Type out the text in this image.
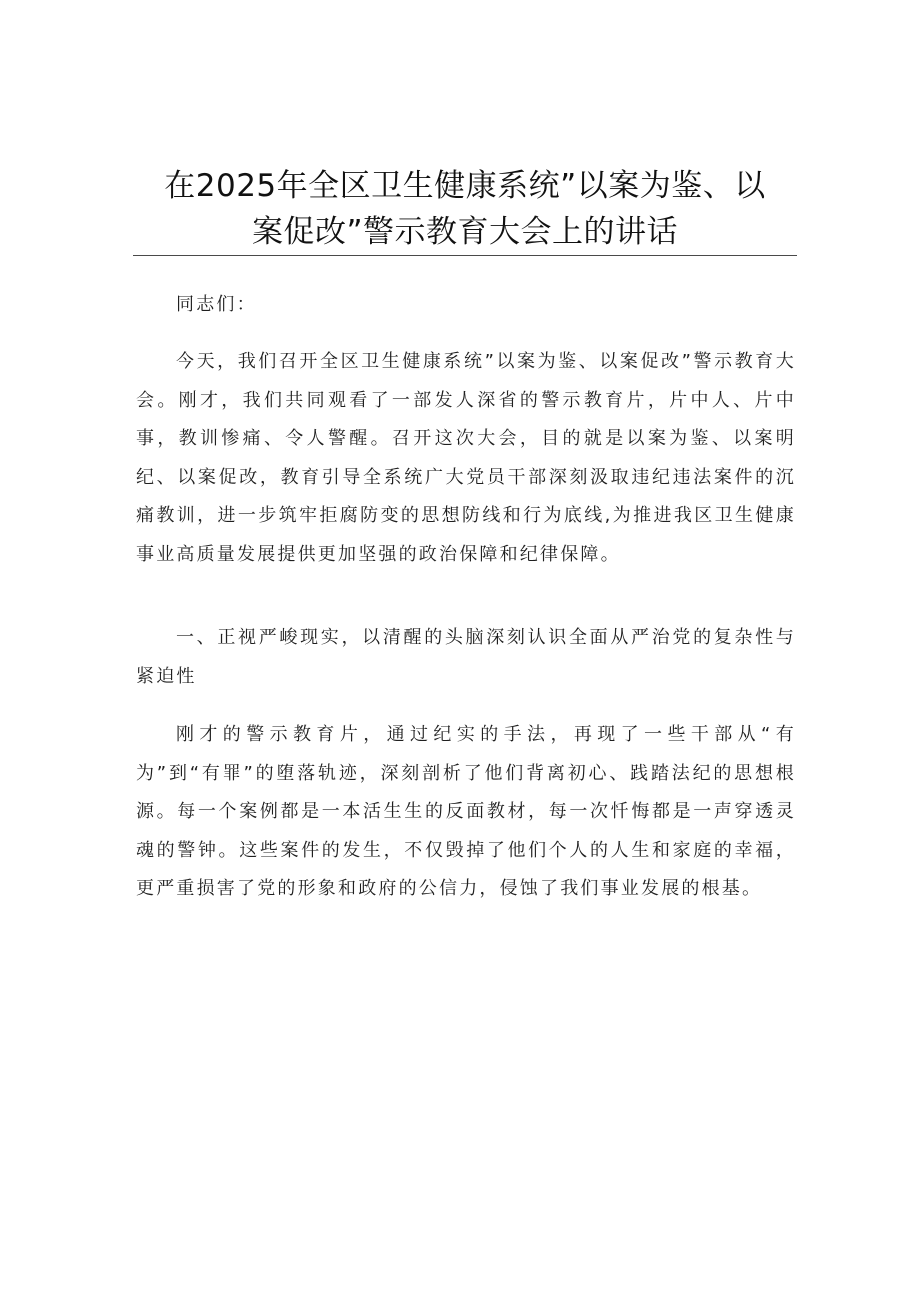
在2025年全区卫生健康系统”以案为鉴、以
案促改”警示教育大会上的讲话

同志们：

今天，我们召开全区卫生健康系统”以案为鉴、以案促改”警示教育大会。刚才，我们共同观看了一部发人深省的警示教育片，片中人、片中事，教训惨痛、令人警醒。召开这次大会，目的就是以案为鉴、以案明纪、以案促改，教育引导全系统广大党员干部深刻汲取违纪违法案件的沉痛教训，进一步筑牢拒腐防变的思想防线和行为底线,为推进我区卫生健康事业高质量发展提供更加坚强的政治保障和纪律保障。

一、正视严峻现实，以清醒的头脑深刻认识全面从严治党的复杂性与紧迫性

刚才的警示教育片，通过纪实的手法，再现了一些干部从“有为”到“有罪”的堕落轨迹，深刻剖析了他们背离初心、践踏法纪的思想根源。每一个案例都是一本活生生的反面教材，每一次忏悔都是一声穿透灵魂的警钟。这些案件的发生，不仅毁掉了他们个人的人生和家庭的幸福，更严重损害了党的形象和政府的公信力，侵蚀了我们事业发展的根基。
